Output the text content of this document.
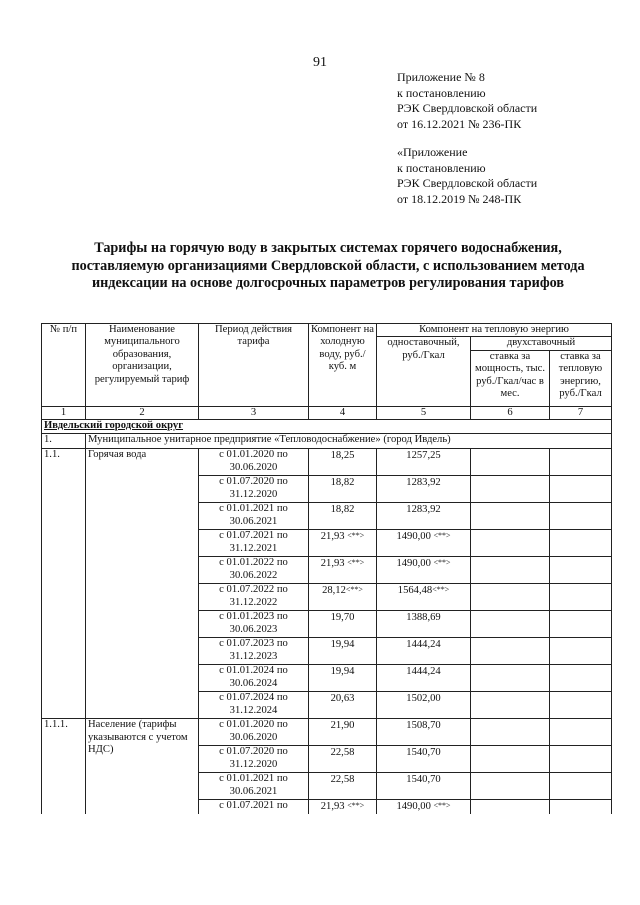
91
Приложение № 8
к постановлению
РЭК Свердловской области
от 16.12.2021 № 236-ПК
«Приложение
к постановлению
РЭК Свердловской области
от 18.12.2019 № 248-ПК
Тарифы на горячую воду в закрытых системах горячего водоснабжения,
поставляемую организациями Свердловской области, с использованием метода
индексации на основе долгосрочных параметров регулирования тарифов
№ п/п	Наименование муниципального образования, организации, регулируемый тариф	Период действия тарифа	Компонент на холодную воду, руб./куб. м	Компонент на тепловую энергию		
				одноставочный, руб./Гкал	двухставочный	
					ставка за мощность, тыс. руб./Гкал/час в мес.	ставка за тепловую энергию, руб./Гкал
1	2	3	4	5	6	7
Ивдельский городской округ						
1.	Муниципальное унитарное предприятие «Тепловодоснабжение» (город Ивдель)					
1.1.	Горячая вода	с 01.01.2020 по
30.06.2020	18,25	1257,25		

		с 01.07.2020 по
31.12.2020	18,82	1283,92		

		с 01.01.2021 по
30.06.2021	18,82	1283,92		

		с 01.07.2021 по
31.12.2021	21,93 <**>	1490,00 <**>		

		с 01.01.2022 по
30.06.2022	21,93 <**>	1490,00 <**>		

		с 01.07.2022 по
31.12.2022	28,12<**>	1564,48<**>		

		с 01.01.2023 по
30.06.2023	19,70	1388,69		

		с 01.07.2023 по
31.12.2023	19,94	1444,24		

		с 01.01.2024 по
30.06.2024	19,94	1444,24		

		с 01.07.2024 по
31.12.2024	20,63	1502,00		
1.1.1.	Население (тарифы указываются с учетом НДС)	с 01.01.2020 по
30.06.2020	21,90	1508,70		

		с 01.07.2020 по
31.12.2020	22,58	1540,70		

		с 01.01.2021 по
30.06.2021	22,58	1540,70		

		с 01.07.2021 по	21,93 <**>	1490,00 <**>		
